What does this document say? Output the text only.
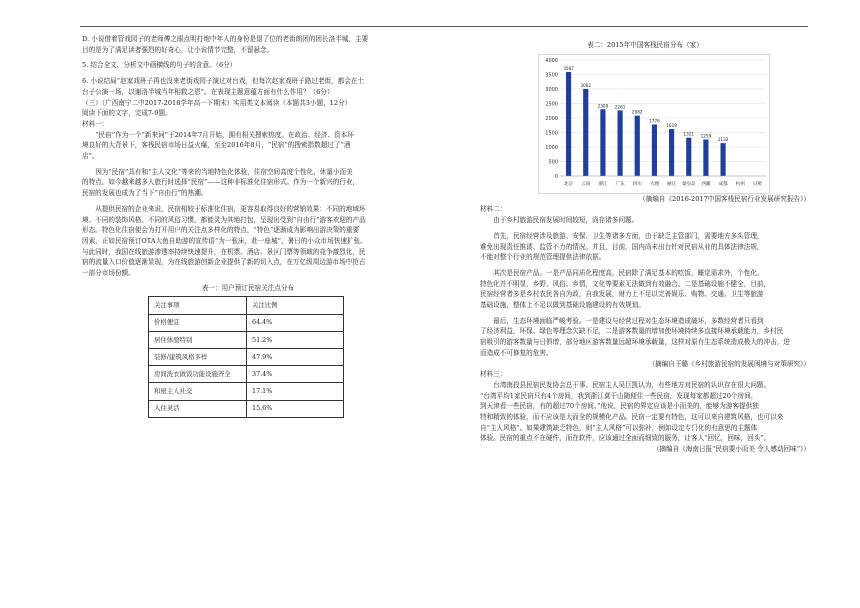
D. 小说借着管戏园子的老师傅之眼点明打炮中年人的身份是退了位的老街朗团的团长洛半城，主要

目的是为了满足读者强烈的好奇心，让小说情节完整，不留悬念。

5. 结合全文，分析文中画横线的句子的含意。（6分）

6. 小说结局“赵家戏班子再也没来老街戏园子演过对台戏，但每次赵家戏班子路过老街，都会在土

台子公演一场，以谢洛半城当年相救之恩”。在表现主题意蕴方面有什么作用？（6分）

（三）（广西南宁二中2017-2018学年高一下期末）实用类文本阅读（本题共3小题，12分）

阅读下面的文字，完成7-9题。

材料一：

“民宿”作为一个“新来词”于2014年7月开始，拥有相关搜索热度。在政治、经济、资本环

境良好的大背景下，客栈民宿市场日益火爆，至至2016年8月，“民宿”的搜索指数超过了“酒

店”。

因为“民宿”具有和“主人文化”等来的当地特色化体验，住宿空间高度个性化、休量小而美

的特点，如今越来越多人旅行时选择“民宿”——这种非标准化住宿形式。作为一个新兴的行业，

民宿的发展也成为了当下“自由行”的热潮。

从提供民宿的企业来说，民宿相较于标准化住宿，更容易取得良好的营销效果：不同的地域环

境、不同的装饰风格、不同的风俗习惯，都能灵为其地打包，呈现出受到“自由行”游客欢迎的产品

形态。特色化住宿便会为打开用户的关注点多样化的特点，“特色”逐渐成为影响出游决策的重要

因素，正如民宿预订OTA大鱼自助游的宣传语“为一张床，赴一座城”，暑日的小众市场快速扩张。

与此同时，我国在线旅游渗透率持续快速提升，在机票、酒店、景区门票等领域的竞争激烈化，民

宿的流量入口价值逐渐显现，为在线旅游创新企业提供了新的切入点，在万亿级周边游市场中抢占

一部分市场份额。

表一：用户预订民宿关注点分布

关注事项	关注比例
价格便宜	64.4%
居住体验特别	51.2%
装修/建筑风格多样	47.9%
房间洗衣做饭功能设施齐全	37.4%
和屋主人社交	17.1%
入住灵活	15.6%

表二：2015年中国客栈民宿分布（家）

0
500
1000
1500
2000
2500
3000
3500
4000
3587
北京
3002
云南
2300
浙江
2261
广东
2082
四川
1776
大理
1619
丽江
1321
秦皇岛
1259
西藏
1132
成都 杭州 日照

（摘编自《2016-2017中国客栈民宿行业发展研究报告》）

材料二：

由于乡村旅游民宿发展时间较短，尚存诸多问题。

首先，民宿经营涉及旅游、安保、卫生等诸多方面，由于缺乏主管部门，需要地方多头管理，

难免出现责任推诿、监管不力的情况。并且，目前，国内尚未出台针对民宿从业的具体法律法规，

不能对整个行业的规范管理提供法律依据。

其次是民宿产品。一是产品同质化程度高，民宿除了满足基本的吃饭、睡觉需求外，个性化、

特色化并不明显，乡野、风俗、乡情，文化等要素无法做到有效融合。二是基础设施不健全，目前，

民宿经营者多是乡村农民各自为政，自我发展，财力上不足以完善娱乐、购物、交通、卫生等旅游

基础设施，整体上不足以做到基础设施建设的有效规划。

最后，生态环境面临严峻考验。一是建设与经营过程对生态环境造成破坏，多数经营者只看到

了经济利益，环保、绿色等理念欠缺不足，二是游客数量的增加使环境持续多直接环境承载能力，乡村民

宿吸引的游客数量与日俱增，部分地区游客数量远超环境承载量，这样对原有生态系统造成极大的冲击，进

而造成不可修复的危害。

（摘编自王璐《乡村旅游民宿的发展困境与对策研究》）

材料三：

台湾南投县民宿民发协会总干事、民宿主人吴巨凯认为，有些地方对民宿的认识存在很大问题。

“台湾平均1家民宿只有4个房间，我到浙江莫干山随便住一些民宿，发现每家都超过20个房间，

到天津看一些民宿，有的超过70个房间。”他说，民宿的界定应该是小而美的，能够为游客提供独

特和精致的体验，而不应该是大而全的规模化产品。民宿一定要有特色，这可以来自建筑风格，也可以来

自“主人风格”。如果建筑缺乏特色，则“主人风格”可以弥补，例如设定专门化的有意思的主题体

体验。民宿的重点不在硬件，而在软件，应该通过全面而细致的服务，让客人“回忆，回味，回头”。

（摘编自《海南日报“民宿要小而美 令人感动回味”》）
